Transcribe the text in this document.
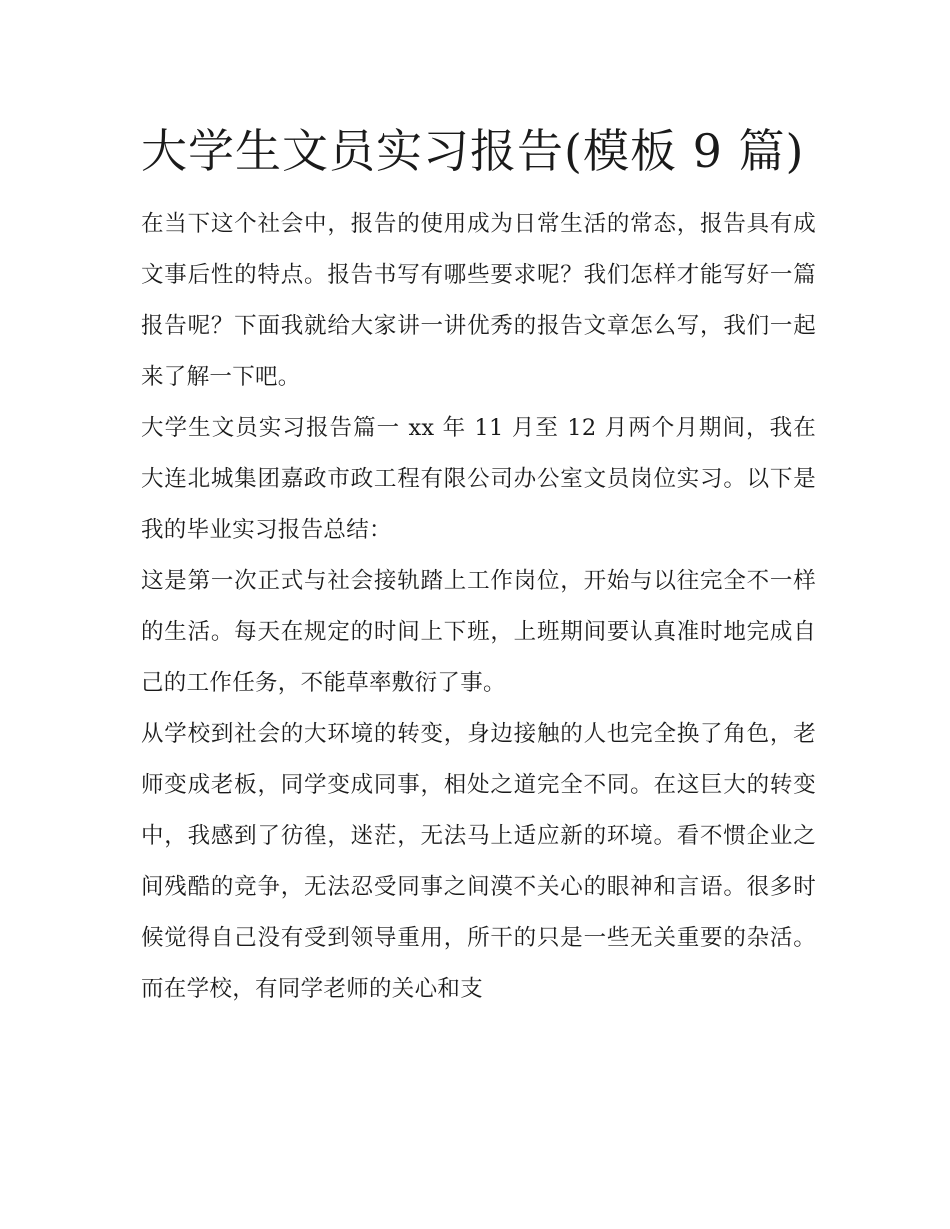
大学生文员实习报告(模板 9 篇)

在当下这个社会中，报告的使用成为日常生活的常态，报告具有成文事后性的特点。报告书写有哪些要求呢？我们怎样才能写好一篇报告呢？下面我就给大家讲一讲优秀的报告文章怎么写，我们一起来了解一下吧。

大学生文员实习报告篇一 xx 年 11 月至 12 月两个月期间，我在大连北城集团嘉政市政工程有限公司办公室文员岗位实习。以下是我的毕业实习报告总结：

这是第一次正式与社会接轨踏上工作岗位，开始与以往完全不一样的生活。每天在规定的时间上下班，上班期间要认真准时地完成自己的工作任务，不能草率敷衍了事。

从学校到社会的大环境的转变，身边接触的人也完全换了角色，老师变成老板，同学变成同事，相处之道完全不同。在这巨大的转变中，我感到了彷徨，迷茫，无法马上适应新的环境。看不惯企业之间残酷的竞争，无法忍受同事之间漠不关心的眼神和言语。很多时候觉得自己没有受到领导重用，所干的只是一些无关重要的杂活。而在学校，有同学老师的关心和支
